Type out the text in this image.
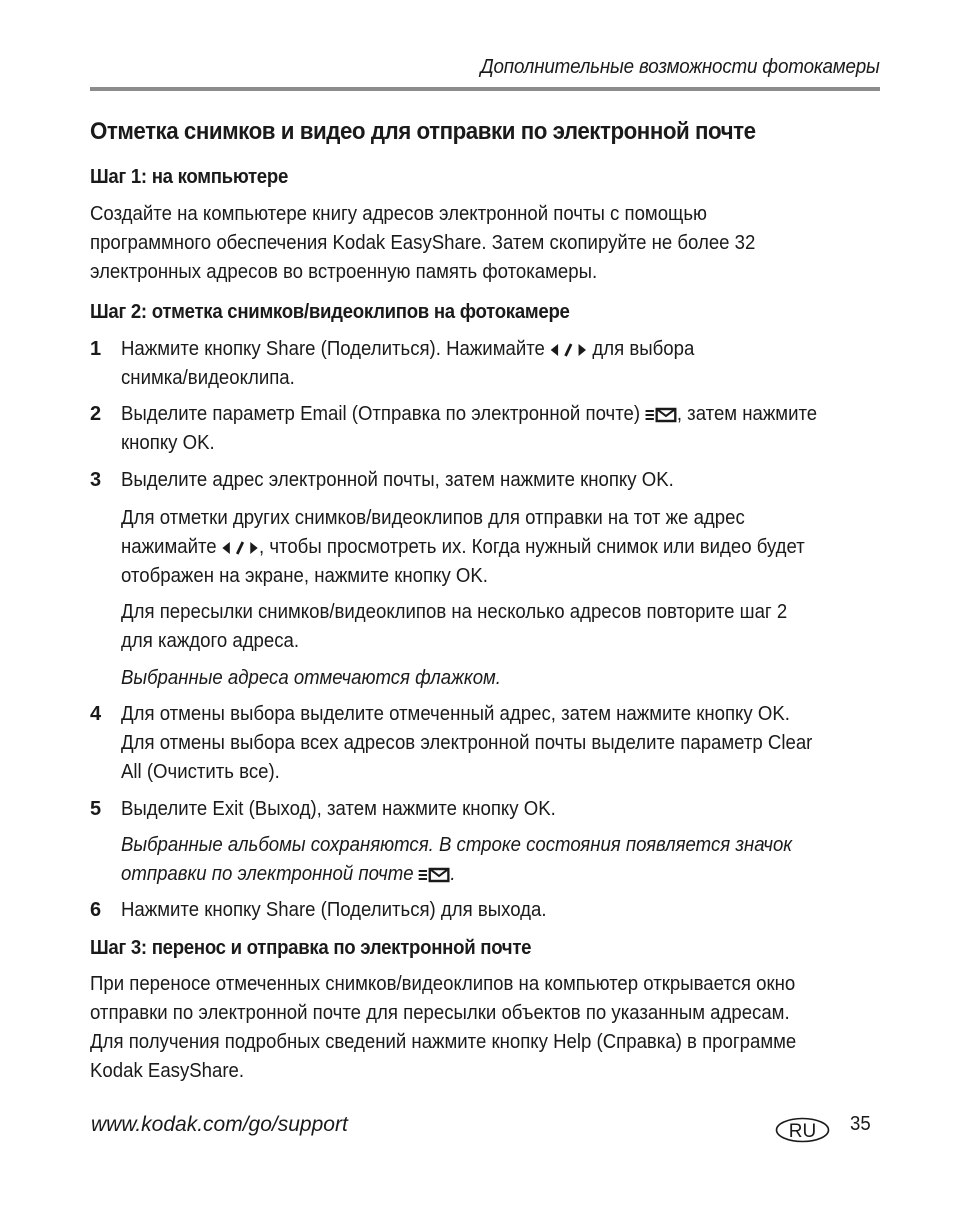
Дополнительные возможности фотокамеры
Отметка снимков и видео для отправки по электронной почте
Шаг 1: на компьютере
Создайте на компьютере книгу адресов электронной почты с помощью
программного обеспечения Kodak EasyShare. Затем скопируйте не более 32
электронных адресов во встроенную память фотокамеры.
Шаг 2: отметка снимков/видеоклипов на фотокамере
1 Нажмите кнопку Share (Поделиться). Нажимайте  для выбора
снимка/видеоклипа.
2 Выделите параметр Email (Отправка по электронной почте) , затем нажмите
кнопку OK.
3 Выделите адрес электронной почты, затем нажмите кнопку OK.
Для отметки других снимков/видеоклипов для отправки на тот же адрес
нажимайте , чтобы просмотреть их. Когда нужный снимок или видео будет
отображен на экране, нажмите кнопку OK.
Для пересылки снимков/видеоклипов на несколько адресов повторите шаг 2
для каждого адреса.
Выбранные адреса отмечаются флажком.
4 Для отмены выбора выделите отмеченный адрес, затем нажмите кнопку OK.
Для отмены выбора всех адресов электронной почты выделите параметр Clear
All (Очистить все).
5 Выделите Exit (Выход), затем нажмите кнопку OK.
Выбранные альбомы сохраняются. В строке состояния появляется значок
отправки по электронной почте .
6 Нажмите кнопку Share (Поделиться) для выхода.
Шаг 3: перенос и отправка по электронной почте
При переносе отмеченных снимков/видеоклипов на компьютер открывается окно
отправки по электронной почте для пересылки объектов по указанным адресам.
Для получения подробных сведений нажмите кнопку Help (Справка) в программе
Kodak EasyShare.
www.kodak.com/go/support	RU 35
